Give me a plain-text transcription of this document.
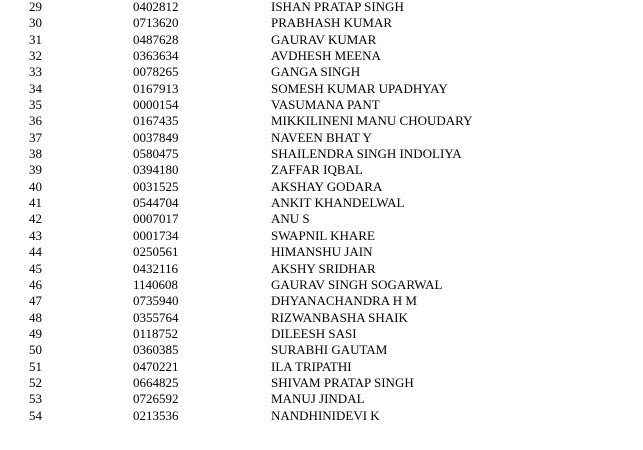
29	0402812	ISHAN PRATAP SINGH
30	0713620	PRABHASH KUMAR
31	0487628	GAURAV KUMAR
32	0363634	AVDHESH MEENA
33	0078265	GANGA SINGH
34	0167913	SOMESH KUMAR UPADHYAY
35	0000154	VASUMANA PANT
36	0167435	MIKKILINENI MANU CHOUDARY
37	0037849	NAVEEN BHAT Y
38	0580475	SHAILENDRA SINGH INDOLIYA
39	0394180	ZAFFAR IQBAL
40	0031525	AKSHAY GODARA
41	0544704	ANKIT KHANDELWAL
42	0007017	ANU S
43	0001734	SWAPNIL KHARE
44	0250561	HIMANSHU JAIN
45	0432116	AKSHY SRIDHAR
46	1140608	GAURAV SINGH SOGARWAL
47	0735940	DHYANACHANDRA H M
48	0355764	RIZWANBASHA SHAIK
49	0118752	DILEESH SASI
50	0360385	SURABHI GAUTAM
51	0470221	ILA TRIPATHI
52	0664825	SHIVAM PRATAP SINGH
53	0726592	MANUJ JINDAL
54	0213536	NANDHINIDEVI K
